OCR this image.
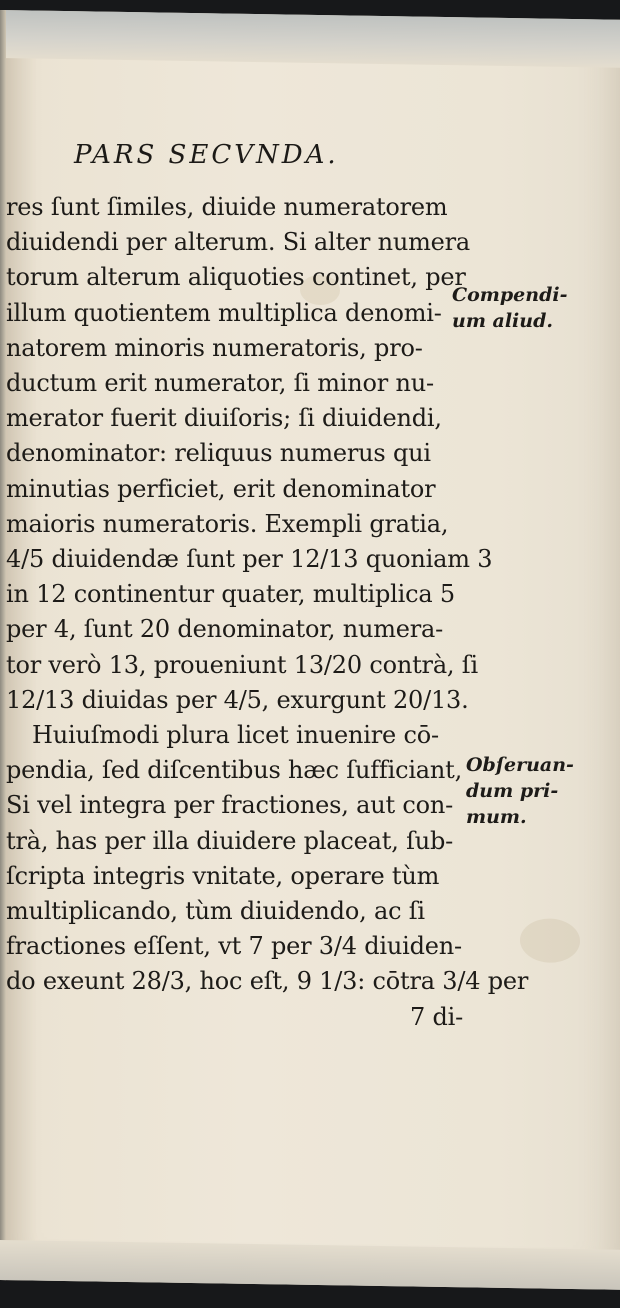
PARS SECVNDA.
res ſunt ſimiles, diuide numeratorem
diuidendi per alterum. Si alter numera
torum alterum aliquoties continet, per
illum quotientem multiplica denomi-
natorem minoris numeratoris, pro-
ductum erit numerator, ſi minor nu-
merator fuerit diuiſoris; ſi diuidendi,
denominator: reliquus numerus qui
minutias perficiet, erit denominator
maioris numeratoris. Exempli gratia,
4/5 diuidendæ ſunt per 12/13 quoniam 3
in 12 continentur quater, multiplica 5
per 4, ſunt 20 denominator, numera-
tor verò 13, proueniunt 13/20 contrà, ſi
12/13 diuidas per 4/5, exurgunt 20/13.
Huiuſmodi plura licet inuenire cō-
pendia, ſed diſcentibus hæc ſufficiant,
Si vel integra per fractiones, aut con-
trà, has per illa diuidere placeat, ſub-
ſcripta integris vnitate, operare tùm
multiplicando, tùm diuidendo, ac ſi
fractiones eſſent, vt 7 per 3/4 diuiden-
do exeunt 28/3, hoc eſt, 9 1/3: cōtra 3/4 per
7 di-
Compendi-
um aliud.
Obſeruan-
dum pri-
mum.
